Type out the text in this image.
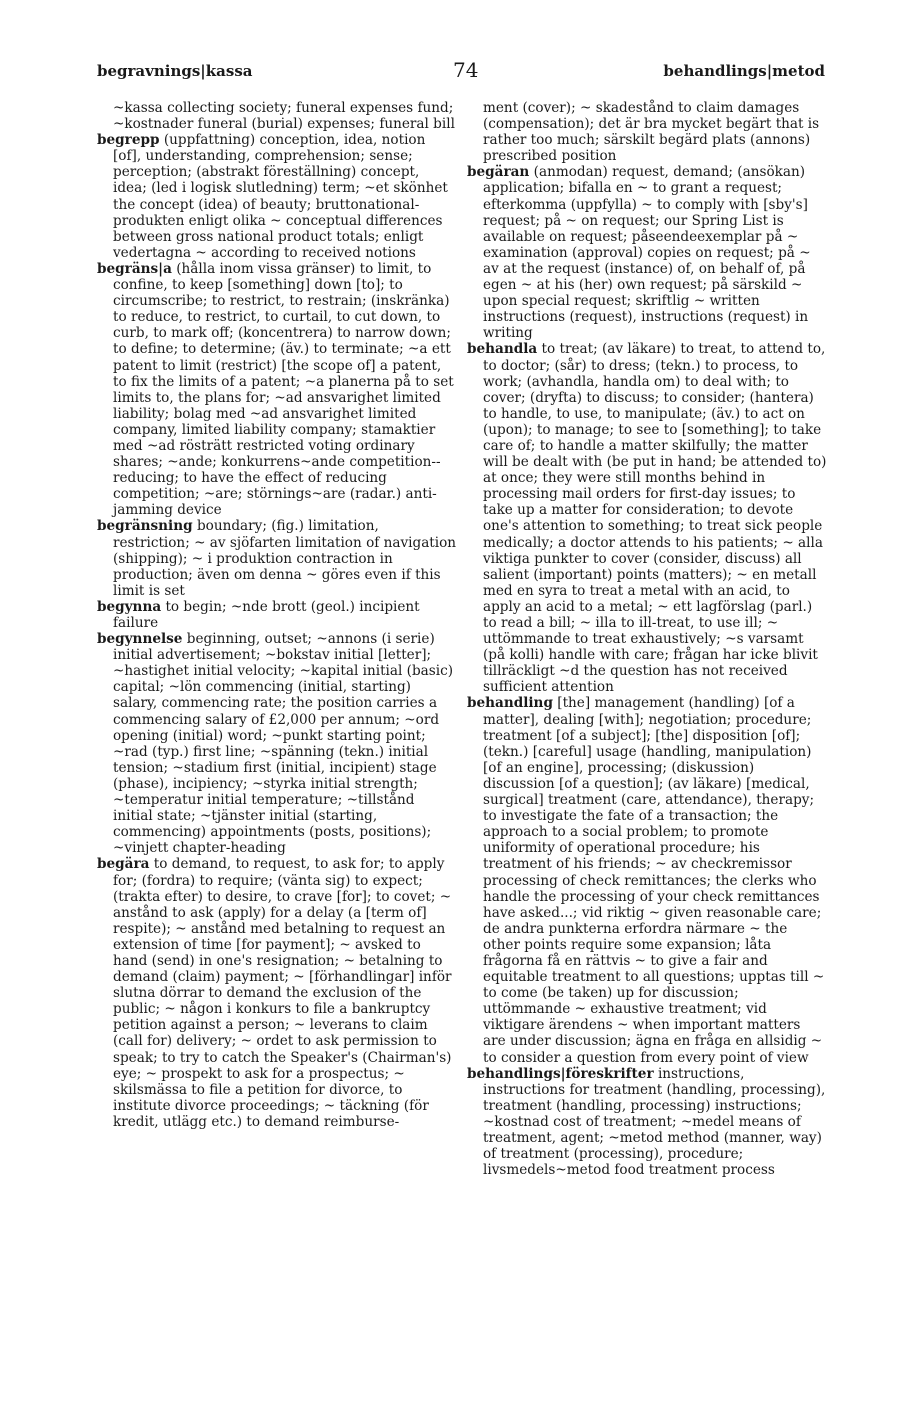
begravnings|kassa	74	behandlings|metod

~kassa collecting society; funeral expenses fund; ~kostnader funeral (burial) expenses; funeral bill

begrepp (uppfattning) conception, idea, notion [of], understanding, comprehension; sense; perception; (abstrakt föreställning) concept, idea; (led i logisk slutledning) term; ~et skönhet the concept (idea) of beauty; bruttonational-produkten enligt olika ~ conceptual differences between gross national product totals; enligt vedertagna ~ according to received notions

begräns|a (hålla inom vissa gränser) to limit, to confine, to keep [something] down [to]; to circumscribe; to restrict, to restrain; (inskränka) to reduce, to restrict, to curtail, to cut down, to curb, to mark off; (koncentrera) to narrow down; to define; to determine; (äv.) to terminate; ~a ett patent to limit (restrict) [the scope of] a patent, to fix the limits of a patent; ~a planerna på to set limits to, the plans for; ~ad ansvarighet limited liability; bolag med ~ad ansvarighet limited company, limited liability company; stamaktier med ~ad rösträtt restricted voting ordinary shares; ~ande; konkurrens~ande competition--reducing; to have the effect of reducing competition; ~are; störnings~are (radar.) anti-jamming device

begränsning boundary; (fig.) limitation, restriction; ~ av sjöfarten limitation of navigation (shipping); ~ i produktion contraction in production; även om denna ~ göres even if this limit is set

begynna to begin; ~nde brott (geol.) incipient failure

begynnelse beginning, outset; ~annons (i serie) initial advertisement; ~bokstav initial [letter]; ~hastighet initial velocity; ~kapital initial (basic) capital; ~lön commencing (initial, starting) salary, commencing rate; the position carries a commencing salary of £2,000 per annum; ~ord opening (initial) word; ~punkt starting point; ~rad (typ.) first line; ~spänning (tekn.) initial tension; ~stadium first (initial, incipient) stage (phase), incipiency; ~styrka initial strength; ~temperatur initial temperature; ~tillstånd initial state; ~tjänster initial (starting, commencing) appointments (posts, positions); ~vinjett chapter-heading

begära to demand, to request, to ask for; to apply for; (fordra) to require; (vänta sig) to expect; (trakta efter) to desire, to crave [for]; to covet; ~ anstånd to ask (apply) for a delay (a [term of] respite); ~ anstånd med betalning to request an extension of time [for payment]; ~ avsked to hand (send) in one's resignation; ~ betalning to demand (claim) payment; ~ [förhandlingar] inför slutna dörrar to demand the exclusion of the public; ~ någon i konkurs to file a bankruptcy petition against a person; ~ leverans to claim (call for) delivery; ~ ordet to ask permission to speak; to try to catch the Speaker's (Chairman's) eye; ~ prospekt to ask for a prospectus; ~ skilsmässa to file a petition for divorce, to institute divorce proceedings; ~ täckning (för kredit, utlägg etc.) to demand reimburse-

ment (cover); ~ skadestånd to claim damages (compensation); det är bra mycket begärt that is rather too much; särskilt begärd plats (annons) prescribed position

begäran (anmodan) request, demand; (ansökan) application; bifalla en ~ to grant a request; efterkomma (uppfylla) ~ to comply with [sby's] request; på ~ on request; our Spring List is available on request; påseendeexemplar på ~ examination (approval) copies on request; på ~ av at the request (instance) of, on behalf of, på egen ~ at his (her) own request; på särskild ~ upon special request; skriftlig ~ written instructions (request), instructions (request) in writing

behandla to treat; (av läkare) to treat, to attend to, to doctor; (sår) to dress; (tekn.) to process, to work; (avhandla, handla om) to deal with; to cover; (dryfta) to discuss; to consider; (hantera) to handle, to use, to manipulate; (äv.) to act on (upon); to manage; to see to [something]; to take care of; to handle a matter skilfully; the matter will be dealt with (be put in hand; be attended to) at once; they were still months behind in processing mail orders for first-day issues; to take up a matter for consideration; to devote one's attention to something; to treat sick people medically; a doctor attends to his patients; ~ alla viktiga punkter to cover (consider, discuss) all salient (important) points (matters); ~ en metall med en syra to treat a metal with an acid, to apply an acid to a metal; ~ ett lagförslag (parl.) to read a bill; ~ illa to ill-treat, to use ill; ~ uttömmande to treat exhaustively; ~s varsamt (på kolli) handle with care; frågan har icke blivit tillräckligt ~d the question has not received sufficient attention

behandling [the] management (handling) [of a matter], dealing [with]; negotiation; procedure; treatment [of a subject]; [the] disposition [of]; (tekn.) [careful] usage (handling, manipulation) [of an engine], processing; (diskussion) discussion [of a question]; (av läkare) [medical, surgical] treatment (care, attendance), therapy; to investigate the fate of a transaction; the approach to a social problem; to promote uniformity of operational procedure; his treatment of his friends; ~ av checkremissor processing of check remittances; the clerks who handle the processing of your check remittances have asked...; vid riktig ~ given reasonable care; de andra punkterna erfordra närmare ~ the other points require some expansion; låta frågorna få en rättvis ~ to give a fair and equitable treatment to all questions; upptas till ~ to come (be taken) up for discussion; uttömmande ~ exhaustive treatment; vid viktigare ärendens ~ when important matters are under discussion; ägna en fråga en allsidig ~ to consider a question from every point of view

behandlings|föreskrifter instructions, instructions for treatment (handling, processing), treatment (handling, processing) instructions; ~kostnad cost of treatment; ~medel means of treatment, agent; ~metod method (manner, way) of treatment (processing), procedure; livsmedels~metod food treatment process
